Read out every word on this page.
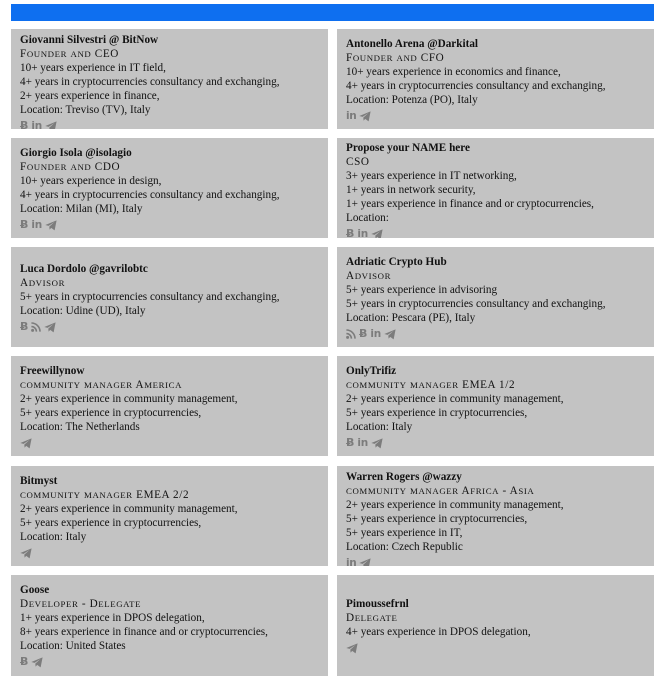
Giovanni Silvestri @ BitNow
FOUNDER AND CEO
10+ years experience in IT field,
4+ years in cryptocurrencies consultancy and exchanging,
2+ years experience in finance,
Location: Treviso (TV), Italy
Ƀ in
Antonello Arena @Darkital
FOUNDER AND CFO
10+ years experience in economics and finance,
4+ years in cryptocurrencies consultancy and exchanging,
Location: Potenza (PO), Italy
in
Giorgio Isola @isolagio
FOUNDER AND CDO
10+ years experience in design,
4+ years in cryptocurrencies consultancy and exchanging,
Location: Milan (MI), Italy
Ƀ in
Propose your NAME here
CSO
3+ years experience in IT networking,
1+ years in network security,
1+ years experience in finance and or cryptocurrencies,
Location:
Ƀ in
Luca Dordolo @gavrilobtc
ADVISOR
5+ years in cryptocurrencies consultancy and exchanging,
Location: Udine (UD), Italy
Ƀ
Adriatic Crypto Hub
ADVISOR
5+ years experience in advisoring
5+ years in cryptocurrencies consultancy and exchanging,
Location: Pescara (PE), Italy
Ƀ in
Freewillynow
COMMUNITY MANAGER AMERICA
2+ years experience in community management,
5+ years experience in cryptocurrencies,
Location: The Netherlands
OnlyTrifiz
COMMUNITY MANAGER EMEA 1/2
2+ years experience in community management,
5+ years experience in cryptocurrencies,
Location: Italy
Ƀ in
Bitmyst
COMMUNITY MANAGER EMEA 2/2
2+ years experience in community management,
5+ years experience in cryptocurrencies,
Location: Italy
Warren Rogers @wazzy
COMMUNITY MANAGER AFRICA - ASIA
2+ years experience in community management,
5+ years experience in cryptocurrencies,
5+ years experience in IT,
Location: Czech Republic
in
Goose
DEVELOPER - DELEGATE
1+ years experience in DPOS delegation,
8+ years experience in finance and or cryptocurrencies,
Location: United States
Ƀ
Pimoussefrnl
DELEGATE
4+ years experience in DPOS delegation,
